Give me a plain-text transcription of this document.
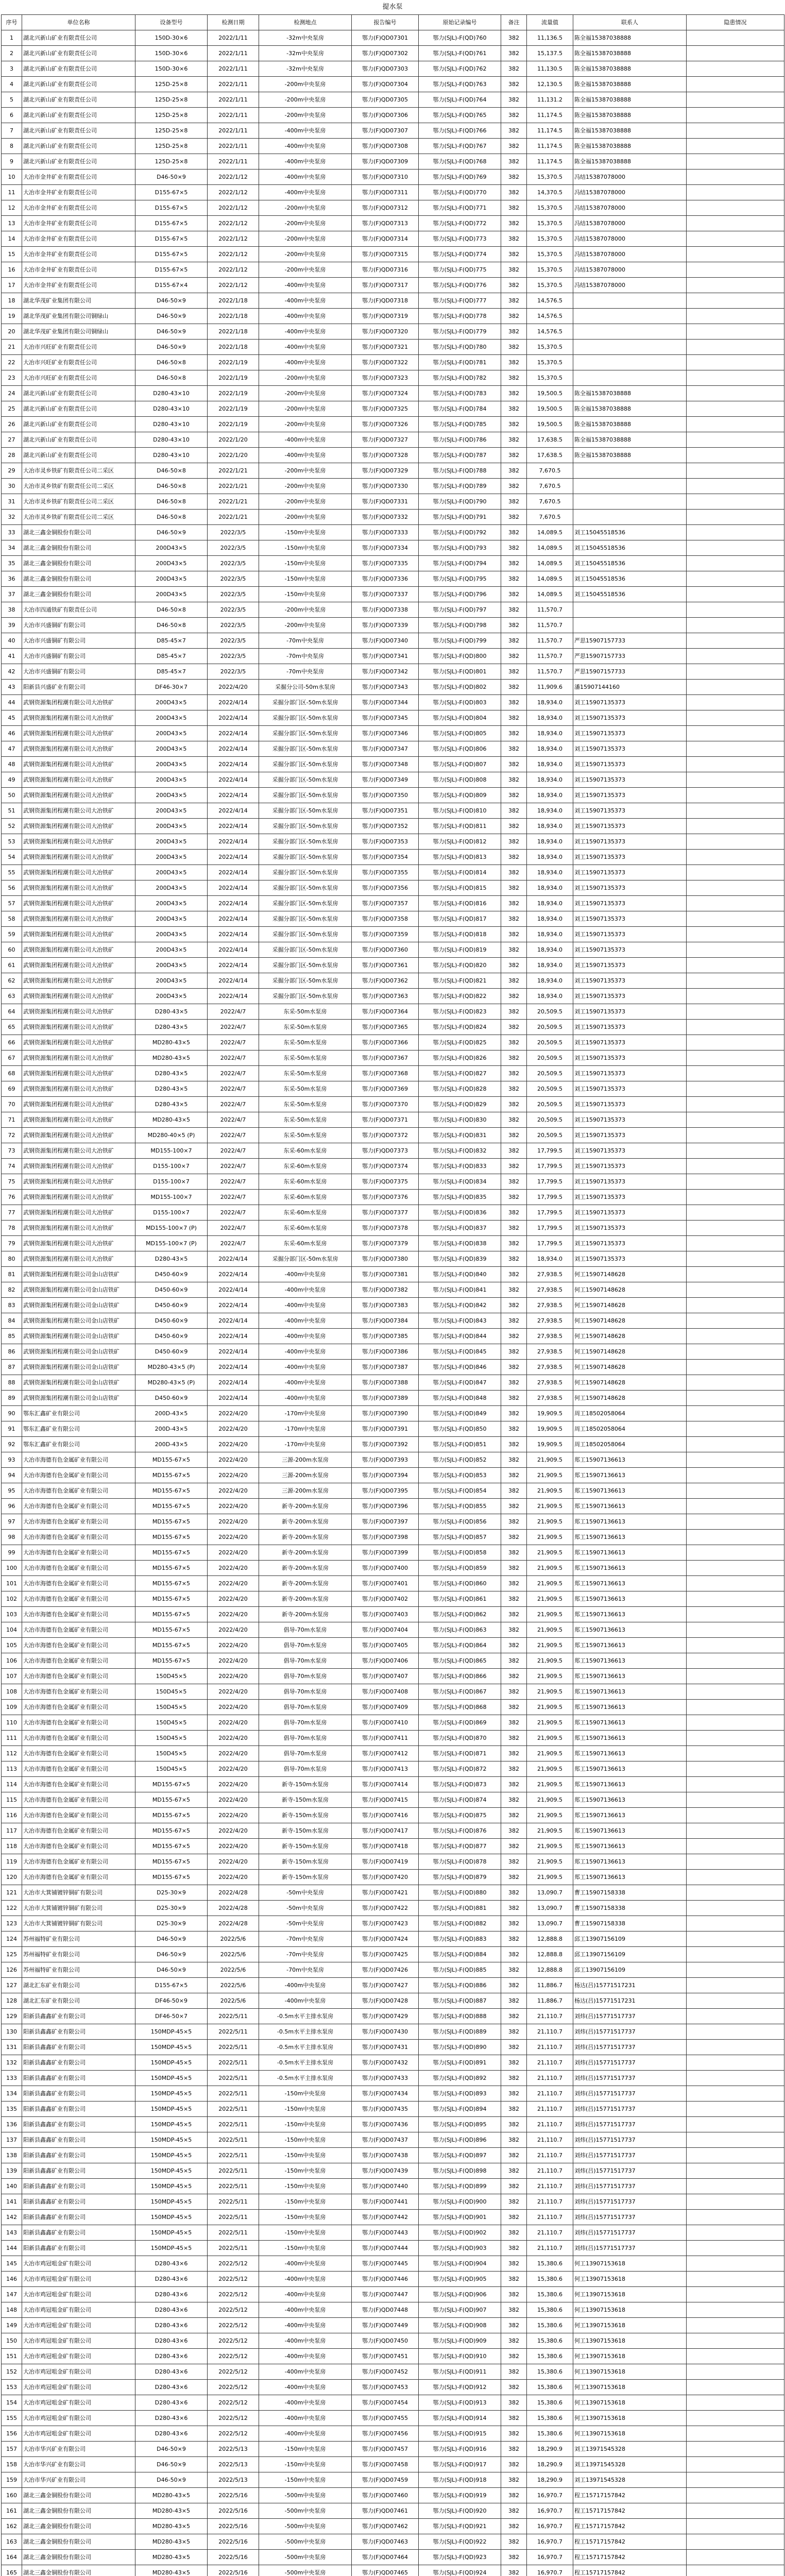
提水泵
序号	单位名称	设备型号	检测日期	检测地点	报告编号	原始记录编号	备注	流量值	联系人	隐患情况
1	湖北兴新山矿业有限责任公司	150D-30×6	2022/1/11	-32m中央泵房	鄂力(F)QD07301	鄂力(SJL)-F(QD)760	382	11,136.5	陈全福15387038888	
2	湖北兴新山矿业有限责任公司	150D-30×6	2022/1/11	-32m中央泵房	鄂力(F)QD07302	鄂力(SJL)-F(QD)761	382	15,137.5	陈全福15387038888	
3	湖北兴新山矿业有限责任公司	150D-30×6	2022/1/11	-32m中央泵房	鄂力(F)QD07303	鄂力(SJL)-F(QD)762	382	11,130.5	陈全福15387038888	
4	湖北兴新山矿业有限责任公司	125D-25×8	2022/1/11	-200m中央泵房	鄂力(F)QD07304	鄂力(SJL)-F(QD)763	382	12,130.5	陈全福15387038888	
5	湖北兴新山矿业有限责任公司	125D-25×8	2022/1/11	-200m中央泵房	鄂力(F)QD07305	鄂力(SJL)-F(QD)764	382	11,131.2	陈全福15387038888	
6	湖北兴新山矿业有限责任公司	125D-25×8	2022/1/11	-200m中央泵房	鄂力(F)QD07306	鄂力(SJL)-F(QD)765	382	11,174.5	陈全福15387038888	
7	湖北兴新山矿业有限责任公司	125D-25×8	2022/1/11	-400m中央泵房	鄂力(F)QD07307	鄂力(SJL)-F(QD)766	382	11,174.5	陈全福15387038888	
8	湖北兴新山矿业有限责任公司	125D-25×8	2022/1/11	-400m中央泵房	鄂力(F)QD07308	鄂力(SJL)-F(QD)767	382	11,174.5	陈全福15387038888	
9	湖北兴新山矿业有限责任公司	125D-25×8	2022/1/11	-400m中央泵房	鄂力(F)QD07309	鄂力(SJL)-F(QD)768	382	11,174.5	陈全福15387038888	
10	大冶市金井矿业有限责任公司	D46-50×9	2022/1/12	-400m中央泵房	鄂力(F)QD07310	鄂力(SJL)-F(QD)769	382	15,370.5	冯结15387078000	
11	大冶市金井矿业有限责任公司	D155-67×5	2022/1/12	-400m中央泵房	鄂力(F)QD07311	鄂力(SJL)-F(QD)770	382	14,370.5	冯结15387078000	
12	大冶市金井矿业有限责任公司	D155-67×5	2022/1/12	-200m中央泵房	鄂力(F)QD07312	鄂力(SJL)-F(QD)771	382	15,370.5	冯结15387078000	
13	大冶市金井矿业有限责任公司	D155-67×5	2022/1/12	-200m中央泵房	鄂力(F)QD07313	鄂力(SJL)-F(QD)772	382	15,370.5	冯结15387078000	
14	大冶市金井矿业有限责任公司	D155-67×5	2022/1/12	-200m中央泵房	鄂力(F)QD07314	鄂力(SJL)-F(QD)773	382	15,370.5	冯结15387078000	
15	大冶市金井矿业有限责任公司	D155-67×5	2022/1/12	-200m中央泵房	鄂力(F)QD07315	鄂力(SJL)-F(QD)774	382	15,370.5	冯结15387078000	
16	大冶市金井矿业有限责任公司	D155-67×5	2022/1/12	-200m中央泵房	鄂力(F)QD07316	鄂力(SJL)-F(QD)775	382	15,370.5	冯结15387078000	
17	大冶市金井矿业有限责任公司	D155-67×4	2022/1/12	-400m中央泵房	鄂力(F)QD07317	鄂力(SJL)-F(QD)776	382	15,370.5	冯结15387078000	
18	湖北华茂矿业集团有限公司	D46-50×9	2022/1/18	-400m中央泵房	鄂力(F)QD07318	鄂力(SJL)-F(QD)777	382	14,576.5		
19	湖北华茂矿业集团有限公司铜绿山	D46-50×9	2022/1/18	-400m中央泵房	鄂力(F)QD07319	鄂力(SJL)-F(QD)778	382	14,576.5		
20	湖北华茂矿业集团有限公司铜绿山	D46-50×9	2022/1/18	-400m中央泵房	鄂力(F)QD07320	鄂力(SJL)-F(QD)779	382	14,576.5		
21	大冶市兴旺矿业有限责任公司	D46-50×9	2022/1/18	-400m中央泵房	鄂力(F)QD07321	鄂力(SJL)-F(QD)780	382	15,370.5		
22	大冶市兴旺矿业有限责任公司	D46-50×8	2022/1/19	-400m中央泵房	鄂力(F)QD07322	鄂力(SJL)-F(QD)781	382	15,370.5		
23	大冶市兴旺矿业有限责任公司	D46-50×8	2022/1/19	-200m中央泵房	鄂力(F)QD07323	鄂力(SJL)-F(QD)782	382	15,370.5		
24	湖北兴新山矿业有限责任公司	D280-43×10	2022/1/19	-200m中央泵房	鄂力(F)QD07324	鄂力(SJL)-F(QD)783	382	19,500.5	陈全福15387038888	
25	湖北兴新山矿业有限责任公司	D280-43×10	2022/1/19	-200m中央泵房	鄂力(F)QD07325	鄂力(SJL)-F(QD)784	382	19,500.5	陈全福15387038888	
26	湖北兴新山矿业有限责任公司	D280-43×10	2022/1/19	-200m中央泵房	鄂力(F)QD07326	鄂力(SJL)-F(QD)785	382	19,500.5	陈全福15387038888	
27	湖北兴新山矿业有限责任公司	D280-43×10	2022/1/20	-400m中央泵房	鄂力(F)QD07327	鄂力(SJL)-F(QD)786	382	17,638.5	陈全福15387038888	
28	湖北兴新山矿业有限责任公司	D280-43×10	2022/1/20	-400m中央泵房	鄂力(F)QD07328	鄂力(SJL)-F(QD)787	382	17,638.5	陈全福15387038888	
29	大冶市灵乡铁矿有限责任公司二采区	D46-50×8	2022/1/21	-200m中央泵房	鄂力(F)QD07329	鄂力(SJL)-F(QD)788	382	7,670.5		
30	大冶市灵乡铁矿有限责任公司二采区	D46-50×8	2022/1/21	-200m中央泵房	鄂力(F)QD07330	鄂力(SJL)-F(QD)789	382	7,670.5		
31	大冶市灵乡铁矿有限责任公司二采区	D46-50×8	2022/1/21	-200m中央泵房	鄂力(F)QD07331	鄂力(SJL)-F(QD)790	382	7,670.5		
32	大冶市灵乡铁矿有限责任公司二采区	D46-50×8	2022/1/21	-200m中央泵房	鄂力(F)QD07332	鄂力(SJL)-F(QD)791	382	7,670.5		
33	湖北三鑫金铜股份有限公司	D46-50×9	2022/3/5	-150m中央泵房	鄂力(F)QD07333	鄂力(SJL)-F(QD)792	382	14,089.5	刘工15045518536	
34	湖北三鑫金铜股份有限公司	200D43×5	2022/3/5	-150m中央泵房	鄂力(F)QD07334	鄂力(SJL)-F(QD)793	382	14,089.5	刘工15045518536	
35	湖北三鑫金铜股份有限公司	200D43×5	2022/3/5	-150m中央泵房	鄂力(F)QD07335	鄂力(SJL)-F(QD)794	382	14,089.5	刘工15045518536	
36	湖北三鑫金铜股份有限公司	200D43×5	2022/3/5	-150m中央泵房	鄂力(F)QD07336	鄂力(SJL)-F(QD)795	382	14,089.5	刘工15045518536	
37	湖北三鑫金铜股份有限公司	200D43×5	2022/3/5	-150m中央泵房	鄂力(F)QD07337	鄂力(SJL)-F(QD)796	382	14,089.5	刘工15045518536	
38	大冶市四通铁矿有限责任公司	D46-50×8	2022/3/5	-200m中央泵房	鄂力(F)QD07338	鄂力(SJL)-F(QD)797	382	11,570.7		
39	大冶市兴盛铜矿有限公司	D46-50×8	2022/3/5	-200m中央泵房	鄂力(F)QD07339	鄂力(SJL)-F(QD)798	382	11,570.7		
40	大冶市兴盛铜矿有限公司	D85-45×7	2022/3/5	-70m中央泵房	鄂力(F)QD07340	鄂力(SJL)-F(QD)799	382	11,570.7	严思15907157733	
41	大冶市兴盛铜矿有限公司	D85-45×7	2022/3/5	-70m中央泵房	鄂力(F)QD07341	鄂力(SJL)-F(QD)800	382	11,570.7	严思15907157733	
42	大冶市兴盛铜矿有限公司	D85-45×7	2022/3/5	-70m中央泵房	鄂力(F)QD07342	鄂力(SJL)-F(QD)801	382	11,570.7	严思15907157733	
43	阳新县兴盛矿业有限公司	DF46-30×7	2022/4/20	采掘分公司-50m水泵房	鄂力(F)QD07343	鄂力(SJL)-F(QD)802	382	11,909.6	潘15907144160	
44	武钢资源集团程潮有限公司大冶铁矿	200D43×5	2022/4/14	采掘分部门区-50m水泵房	鄂力(F)QD07344	鄂力(SJL)-F(QD)803	382	18,934.0	刘工15907135373	
45	武钢资源集团程潮有限公司大冶铁矿	200D43×5	2022/4/14	采掘分部门区-50m水泵房	鄂力(F)QD07345	鄂力(SJL)-F(QD)804	382	18,934.0	刘工15907135373	
46	武钢资源集团程潮有限公司大冶铁矿	200D43×5	2022/4/14	采掘分部门区-50m水泵房	鄂力(F)QD07346	鄂力(SJL)-F(QD)805	382	18,934.0	刘工15907135373	
47	武钢资源集团程潮有限公司大冶铁矿	200D43×5	2022/4/14	采掘分部门区-50m水泵房	鄂力(F)QD07347	鄂力(SJL)-F(QD)806	382	18,934.0	刘工15907135373	
48	武钢资源集团程潮有限公司大冶铁矿	200D43×5	2022/4/14	采掘分部门区-50m水泵房	鄂力(F)QD07348	鄂力(SJL)-F(QD)807	382	18,934.0	刘工15907135373	
49	武钢资源集团程潮有限公司大冶铁矿	200D43×5	2022/4/14	采掘分部门区-50m水泵房	鄂力(F)QD07349	鄂力(SJL)-F(QD)808	382	18,934.0	刘工15907135373	
50	武钢资源集团程潮有限公司大冶铁矿	200D43×5	2022/4/14	采掘分部门区-50m水泵房	鄂力(F)QD07350	鄂力(SJL)-F(QD)809	382	18,934.0	刘工15907135373	
51	武钢资源集团程潮有限公司大冶铁矿	200D43×5	2022/4/14	采掘分部门区-50m水泵房	鄂力(F)QD07351	鄂力(SJL)-F(QD)810	382	18,934.0	刘工15907135373	
52	武钢资源集团程潮有限公司大冶铁矿	200D43×5	2022/4/14	采掘分部门区-50m水泵房	鄂力(F)QD07352	鄂力(SJL)-F(QD)811	382	18,934.0	刘工15907135373	
53	武钢资源集团程潮有限公司大冶铁矿	200D43×5	2022/4/14	采掘分部门区-50m水泵房	鄂力(F)QD07353	鄂力(SJL)-F(QD)812	382	18,934.0	刘工15907135373	
54	武钢资源集团程潮有限公司大冶铁矿	200D43×5	2022/4/14	采掘分部门区-50m水泵房	鄂力(F)QD07354	鄂力(SJL)-F(QD)813	382	18,934.0	刘工15907135373	
55	武钢资源集团程潮有限公司大冶铁矿	200D43×5	2022/4/14	采掘分部门区-50m水泵房	鄂力(F)QD07355	鄂力(SJL)-F(QD)814	382	18,934.0	刘工15907135373	
56	武钢资源集团程潮有限公司大冶铁矿	200D43×5	2022/4/14	采掘分部门区-50m水泵房	鄂力(F)QD07356	鄂力(SJL)-F(QD)815	382	18,934.0	刘工15907135373	
57	武钢资源集团程潮有限公司大冶铁矿	200D43×5	2022/4/14	采掘分部门区-50m水泵房	鄂力(F)QD07357	鄂力(SJL)-F(QD)816	382	18,934.0	刘工15907135373	
58	武钢资源集团程潮有限公司大冶铁矿	200D43×5	2022/4/14	采掘分部门区-50m水泵房	鄂力(F)QD07358	鄂力(SJL)-F(QD)817	382	18,934.0	刘工15907135373	
59	武钢资源集团程潮有限公司大冶铁矿	200D43×5	2022/4/14	采掘分部门区-50m水泵房	鄂力(F)QD07359	鄂力(SJL)-F(QD)818	382	18,934.0	刘工15907135373	
60	武钢资源集团程潮有限公司大冶铁矿	200D43×5	2022/4/14	采掘分部门区-50m水泵房	鄂力(F)QD07360	鄂力(SJL)-F(QD)819	382	18,934.0	刘工15907135373	
61	武钢资源集团程潮有限公司大冶铁矿	200D43×5	2022/4/14	采掘分部门区-50m水泵房	鄂力(F)QD07361	鄂力(SJL)-F(QD)820	382	18,934.0	刘工15907135373	
62	武钢资源集团程潮有限公司大冶铁矿	200D43×5	2022/4/14	采掘分部门区-50m水泵房	鄂力(F)QD07362	鄂力(SJL)-F(QD)821	382	18,934.0	刘工15907135373	
63	武钢资源集团程潮有限公司大冶铁矿	200D43×5	2022/4/14	采掘分部门区-50m水泵房	鄂力(F)QD07363	鄂力(SJL)-F(QD)822	382	18,934.0	刘工15907135373	
64	武钢资源集团程潮有限公司大冶铁矿	D280-43×5	2022/4/7	东采-50m水泵房	鄂力(F)QD07364	鄂力(SJL)-F(QD)823	382	20,509.5	刘工15907135373	
65	武钢资源集团程潮有限公司大冶铁矿	D280-43×5	2022/4/7	东采-50m水泵房	鄂力(F)QD07365	鄂力(SJL)-F(QD)824	382	20,509.5	刘工15907135373	
66	武钢资源集团程潮有限公司大冶铁矿	MD280-43×5	2022/4/7	东采-50m水泵房	鄂力(F)QD07366	鄂力(SJL)-F(QD)825	382	20,509.5	刘工15907135373	
67	武钢资源集团程潮有限公司大冶铁矿	MD280-43×5	2022/4/7	东采-50m水泵房	鄂力(F)QD07367	鄂力(SJL)-F(QD)826	382	20,509.5	刘工15907135373	
68	武钢资源集团程潮有限公司大冶铁矿	D280-43×5	2022/4/7	东采-50m水泵房	鄂力(F)QD07368	鄂力(SJL)-F(QD)827	382	20,509.5	刘工15907135373	
69	武钢资源集团程潮有限公司大冶铁矿	D280-43×5	2022/4/7	东采-50m水泵房	鄂力(F)QD07369	鄂力(SJL)-F(QD)828	382	20,509.5	刘工15907135373	
70	武钢资源集团程潮有限公司大冶铁矿	D280-43×5	2022/4/7	东采-50m水泵房	鄂力(F)QD07370	鄂力(SJL)-F(QD)829	382	20,509.5	刘工15907135373	
71	武钢资源集团程潮有限公司大冶铁矿	MD280-43×5	2022/4/7	东采-50m水泵房	鄂力(F)QD07371	鄂力(SJL)-F(QD)830	382	20,509.5	刘工15907135373	
72	武钢资源集团程潮有限公司大冶铁矿	MD280-40×5 (P)	2022/4/7	东采-50m水泵房	鄂力(F)QD07372	鄂力(SJL)-F(QD)831	382	20,509.5	刘工15907135373	
73	武钢资源集团程潮有限公司大冶铁矿	MD155-100×7	2022/4/7	东采-60m水泵房	鄂力(F)QD07373	鄂力(SJL)-F(QD)832	382	17,799.5	刘工15907135373	
74	武钢资源集团程潮有限公司大冶铁矿	D155-100×7	2022/4/7	东采-60m水泵房	鄂力(F)QD07374	鄂力(SJL)-F(QD)833	382	17,799.5	刘工15907135373	
75	武钢资源集团程潮有限公司大冶铁矿	D155-100×7	2022/4/7	东采-60m水泵房	鄂力(F)QD07375	鄂力(SJL)-F(QD)834	382	17,799.5	刘工15907135373	
76	武钢资源集团程潮有限公司大冶铁矿	MD155-100×7	2022/4/7	东采-60m水泵房	鄂力(F)QD07376	鄂力(SJL)-F(QD)835	382	17,799.5	刘工15907135373	
77	武钢资源集团程潮有限公司大冶铁矿	D155-100×7	2022/4/7	东采-60m水泵房	鄂力(F)QD07377	鄂力(SJL)-F(QD)836	382	17,799.5	刘工15907135373	
78	武钢资源集团程潮有限公司大冶铁矿	MD155-100×7 (P)	2022/4/7	东采-60m水泵房	鄂力(F)QD07378	鄂力(SJL)-F(QD)837	382	17,799.5	刘工15907135373	
79	武钢资源集团程潮有限公司大冶铁矿	MD155-100×7 (P)	2022/4/7	东采-60m水泵房	鄂力(F)QD07379	鄂力(SJL)-F(QD)838	382	17,799.5	刘工15907135373	
80	武钢资源集团程潮有限公司大冶铁矿	D280-43×5	2022/4/14	采掘分部门区-50m水泵房	鄂力(F)QD07380	鄂力(SJL)-F(QD)839	382	18,934.0	刘工15907135373	
81	武钢资源集团程潮有限公司金山店铁矿	D450-60×9	2022/4/14	-400m中央泵房	鄂力(F)QD07381	鄂力(SJL)-F(QD)840	382	27,938.5	何工15907148628	
82	武钢资源集团程潮有限公司金山店铁矿	D450-60×9	2022/4/14	-400m中央泵房	鄂力(F)QD07382	鄂力(SJL)-F(QD)841	382	27,938.5	何工15907148628	
83	武钢资源集团程潮有限公司金山店铁矿	D450-60×9	2022/4/14	-400m中央泵房	鄂力(F)QD07383	鄂力(SJL)-F(QD)842	382	27,938.5	何工15907148628	
84	武钢资源集团程潮有限公司金山店铁矿	D450-60×9	2022/4/14	-400m中央泵房	鄂力(F)QD07384	鄂力(SJL)-F(QD)843	382	27,938.5	何工15907148628	
85	武钢资源集团程潮有限公司金山店铁矿	D450-60×9	2022/4/14	-400m中央泵房	鄂力(F)QD07385	鄂力(SJL)-F(QD)844	382	27,938.5	何工15907148628	
86	武钢资源集团程潮有限公司金山店铁矿	D450-60×9	2022/4/14	-400m中央泵房	鄂力(F)QD07386	鄂力(SJL)-F(QD)845	382	27,938.5	何工15907148628	
87	武钢资源集团程潮有限公司金山店铁矿	MD280-43×5 (P)	2022/4/14	-400m中央泵房	鄂力(F)QD07387	鄂力(SJL)-F(QD)846	382	27,938.5	何工15907148628	
88	武钢资源集团程潮有限公司金山店铁矿	MD280-43×5 (P)	2022/4/14	-400m中央泵房	鄂力(F)QD07388	鄂力(SJL)-F(QD)847	382	27,938.5	何工15907148628	
89	武钢资源集团程潮有限公司金山店铁矿	D450-60×9	2022/4/14	-400m中央泵房	鄂力(F)QD07389	鄂力(SJL)-F(QD)848	382	27,938.5	何工15907148628	
90	鄂东汇鑫矿业有限公司	200D-43×5	2022/4/20	-170m中央泵房	鄂力(F)QD07390	鄂力(SJL)-F(QD)849	382	19,909.5	周工18502058064	
91	鄂东汇鑫矿业有限公司	200D-43×5	2022/4/20	-170m中央泵房	鄂力(F)QD07391	鄂力(SJL)-F(QD)850	382	19,909.5	周工18502058064	
92	鄂东汇鑫矿业有限公司	200D-43×5	2022/4/20	-170m中央泵房	鄂力(F)QD07392	鄂力(SJL)-F(QD)851	382	19,909.5	周工18502058064	
93	大冶市海德有色金属矿业有限公司	MD155-67×5	2022/4/20	三源-200m水泵房	鄂力(F)QD07393	鄂力(SJL)-F(QD)852	382	21,909.5	郑工15907136613	
94	大冶市海德有色金属矿业有限公司	MD155-67×5	2022/4/20	三源-200m水泵房	鄂力(F)QD07394	鄂力(SJL)-F(QD)853	382	21,909.5	郑工15907136613	
95	大冶市海德有色金属矿业有限公司	MD155-67×5	2022/4/20	三源-200m水泵房	鄂力(F)QD07395	鄂力(SJL)-F(QD)854	382	21,909.5	郑工15907136613	
96	大冶市海德有色金属矿业有限公司	MD155-67×5	2022/4/20	新寺-200m水泵房	鄂力(F)QD07396	鄂力(SJL)-F(QD)855	382	21,909.5	郑工15907136613	
97	大冶市海德有色金属矿业有限公司	MD155-67×5	2022/4/20	新寺-200m水泵房	鄂力(F)QD07397	鄂力(SJL)-F(QD)856	382	21,909.5	郑工15907136613	
98	大冶市海德有色金属矿业有限公司	MD155-67×5	2022/4/20	新寺-200m水泵房	鄂力(F)QD07398	鄂力(SJL)-F(QD)857	382	21,909.5	郑工15907136613	
99	大冶市海德有色金属矿业有限公司	MD155-67×5	2022/4/20	新寺-200m水泵房	鄂力(F)QD07399	鄂力(SJL)-F(QD)858	382	21,909.5	郑工15907136613	
100	大冶市海德有色金属矿业有限公司	MD155-67×5	2022/4/20	新寺-200m水泵房	鄂力(F)QD07400	鄂力(SJL)-F(QD)859	382	21,909.5	郑工15907136613	
101	大冶市海德有色金属矿业有限公司	MD155-67×5	2022/4/20	新寺-200m水泵房	鄂力(F)QD07401	鄂力(SJL)-F(QD)860	382	21,909.5	郑工15907136613	
102	大冶市海德有色金属矿业有限公司	MD155-67×5	2022/4/20	新寺-200m水泵房	鄂力(F)QD07402	鄂力(SJL)-F(QD)861	382	21,909.5	郑工15907136613	
103	大冶市海德有色金属矿业有限公司	MD155-67×5	2022/4/20	新寺-200m水泵房	鄂力(F)QD07403	鄂力(SJL)-F(QD)862	382	21,909.5	郑工15907136613	
104	大冶市海德有色金属矿业有限公司	MD155-67×5	2022/4/20	倡导-70m水泵房	鄂力(F)QD07404	鄂力(SJL)-F(QD)863	382	21,909.5	郑工15907136613	
105	大冶市海德有色金属矿业有限公司	MD155-67×5	2022/4/20	倡导-70m水泵房	鄂力(F)QD07405	鄂力(SJL)-F(QD)864	382	21,909.5	郑工15907136613	
106	大冶市海德有色金属矿业有限公司	MD155-67×5	2022/4/20	倡导-70m水泵房	鄂力(F)QD07406	鄂力(SJL)-F(QD)865	382	21,909.5	郑工15907136613	
107	大冶市海德有色金属矿业有限公司	150D45×5	2022/4/20	倡导-70m水泵房	鄂力(F)QD07407	鄂力(SJL)-F(QD)866	382	21,909.5	郑工15907136613	
108	大冶市海德有色金属矿业有限公司	150D45×5	2022/4/20	倡导-70m水泵房	鄂力(F)QD07408	鄂力(SJL)-F(QD)867	382	21,909.5	郑工15907136613	
109	大冶市海德有色金属矿业有限公司	150D45×5	2022/4/20	倡导-70m水泵房	鄂力(F)QD07409	鄂力(SJL)-F(QD)868	382	21,909.5	郑工15907136613	
110	大冶市海德有色金属矿业有限公司	150D45×5	2022/4/20	倡导-70m水泵房	鄂力(F)QD07410	鄂力(SJL)-F(QD)869	382	21,909.5	郑工15907136613	
111	大冶市海德有色金属矿业有限公司	150D45×5	2022/4/20	倡导-70m水泵房	鄂力(F)QD07411	鄂力(SJL)-F(QD)870	382	21,909.5	郑工15907136613	
112	大冶市海德有色金属矿业有限公司	150D45×5	2022/4/20	倡导-70m水泵房	鄂力(F)QD07412	鄂力(SJL)-F(QD)871	382	21,909.5	郑工15907136613	
113	大冶市海德有色金属矿业有限公司	150D45×5	2022/4/20	倡导-70m水泵房	鄂力(F)QD07413	鄂力(SJL)-F(QD)872	382	21,909.5	郑工15907136613	
114	大冶市海德有色金属矿业有限公司	MD155-67×5	2022/4/20	新寺-150m水泵房	鄂力(F)QD07414	鄂力(SJL)-F(QD)873	382	21,909.5	郑工15907136613	
115	大冶市海德有色金属矿业有限公司	MD155-67×5	2022/4/20	新寺-150m水泵房	鄂力(F)QD07415	鄂力(SJL)-F(QD)874	382	21,909.5	郑工15907136613	
116	大冶市海德有色金属矿业有限公司	MD155-67×5	2022/4/20	新寺-150m水泵房	鄂力(F)QD07416	鄂力(SJL)-F(QD)875	382	21,909.5	郑工15907136613	
117	大冶市海德有色金属矿业有限公司	MD155-67×5	2022/4/20	新寺-150m水泵房	鄂力(F)QD07417	鄂力(SJL)-F(QD)876	382	21,909.5	郑工15907136613	
118	大冶市海德有色金属矿业有限公司	MD155-67×5	2022/4/20	新寺-150m水泵房	鄂力(F)QD07418	鄂力(SJL)-F(QD)877	382	21,909.5	郑工15907136613	
119	大冶市海德有色金属矿业有限公司	MD155-67×5	2022/4/20	新寺-150m水泵房	鄂力(F)QD07419	鄂力(SJL)-F(QD)878	382	21,909.5	郑工15907136613	
120	大冶市海德有色金属矿业有限公司	MD155-67×5	2022/4/20	新寺-150m水泵房	鄂力(F)QD07420	鄂力(SJL)-F(QD)879	382	21,909.5	郑工15907136613	
121	大冶市大箕铺镀锌铜矿有限公司	D25-30×9	2022/4/28	-50m中央泵房	鄂力(F)QD07421	鄂力(SJL)-F(QD)880	382	13,090.7	曹工15907158338	
122	大冶市大箕铺镀锌铜矿有限公司	D25-30×9	2022/4/28	-50m中央泵房	鄂力(F)QD07422	鄂力(SJL)-F(QD)881	382	13,090.7	曹工15907158338	
123	大冶市大箕铺镀锌铜矿有限公司	D25-30×9	2022/4/28	-50m中央泵房	鄂力(F)QD07423	鄂力(SJL)-F(QD)882	382	13,090.7	曹工15907158338	
124	苏州福特矿业有限公司	D46-50×9	2022/5/6	-70m中央泵房	鄂力(F)QD07424	鄂力(SJL)-F(QD)883	382	12,888.8	邱工13907156109	
125	苏州福特矿业有限公司	D46-50×9	2022/5/6	-70m中央泵房	鄂力(F)QD07425	鄂力(SJL)-F(QD)884	382	12,888.8	邱工13907156109	
126	苏州福特矿业有限公司	D46-50×9	2022/5/6	-70m中央泵房	鄂力(F)QD07426	鄂力(SJL)-F(QD)885	382	12,888.8	邱工13907156109	
127	湖北汇东矿业有限公司	D155-67×5	2022/5/6	-400m中央泵房	鄂力(F)QD07427	鄂力(SJL)-F(QD)886	382	11,886.7	杨达(吕)15771517231	
128	湖北汇东矿业有限公司	DF46-50×9	2022/5/6	-400m中央泵房	鄂力(F)QD07428	鄂力(SJL)-F(QD)887	382	11,886.7	杨达(吕)15771517231	
129	阳新县鑫鑫矿业有限公司	DF46-50×7	2022/5/11	-0.5m水平主排水泵房	鄂力(F)QD07429	鄂力(SJL)-F(QD)888	382	21,110.7	刘炜(吕)15771517737	
130	阳新县鑫鑫矿业有限公司	150MDP-45×5	2022/5/11	-0.5m水平主排水泵房	鄂力(F)QD07430	鄂力(SJL)-F(QD)889	382	21,110.7	刘炜(吕)15771517737	
131	阳新县鑫鑫矿业有限公司	150MDP-45×5	2022/5/11	-0.5m水平主排水泵房	鄂力(F)QD07431	鄂力(SJL)-F(QD)890	382	21,110.7	刘炜(吕)15771517737	
132	阳新县鑫鑫矿业有限公司	150MDP-45×5	2022/5/11	-0.5m水平主排水泵房	鄂力(F)QD07432	鄂力(SJL)-F(QD)891	382	21,110.7	刘炜(吕)15771517737	
133	阳新县鑫鑫矿业有限公司	150MDP-45×5	2022/5/11	-0.5m水平主排水泵房	鄂力(F)QD07433	鄂力(SJL)-F(QD)892	382	21,110.7	刘炜(吕)15771517737	
134	阳新县鑫鑫矿业有限公司	150MDP-45×5	2022/5/11	-150m中央泵房	鄂力(F)QD07434	鄂力(SJL)-F(QD)893	382	21,110.7	刘炜(吕)15771517737	
135	阳新县鑫鑫矿业有限公司	150MDP-45×5	2022/5/11	-150m中央泵房	鄂力(F)QD07435	鄂力(SJL)-F(QD)894	382	21,110.7	刘炜(吕)15771517737	
136	阳新县鑫鑫矿业有限公司	150MDP-45×5	2022/5/11	-150m中央泵房	鄂力(F)QD07436	鄂力(SJL)-F(QD)895	382	21,110.7	刘炜(吕)15771517737	
137	阳新县鑫鑫矿业有限公司	150MDP-45×5	2022/5/11	-150m中央泵房	鄂力(F)QD07437	鄂力(SJL)-F(QD)896	382	21,110.7	刘炜(吕)15771517737	
138	阳新县鑫鑫矿业有限公司	150MDP-45×5	2022/5/11	-150m中央泵房	鄂力(F)QD07438	鄂力(SJL)-F(QD)897	382	21,110.7	刘炜(吕)15771517737	
139	阳新县鑫鑫矿业有限公司	150MDP-45×5	2022/5/11	-150m中央泵房	鄂力(F)QD07439	鄂力(SJL)-F(QD)898	382	21,110.7	刘炜(吕)15771517737	
140	阳新县鑫鑫矿业有限公司	150MDP-45×5	2022/5/11	-150m中央泵房	鄂力(F)QD07440	鄂力(SJL)-F(QD)899	382	21,110.7	刘炜(吕)15771517737	
141	阳新县鑫鑫矿业有限公司	150MDP-45×5	2022/5/11	-150m中央泵房	鄂力(F)QD07441	鄂力(SJL)-F(QD)900	382	21,110.7	刘炜(吕)15771517737	
142	阳新县鑫鑫矿业有限公司	150MDP-45×5	2022/5/11	-150m中央泵房	鄂力(F)QD07442	鄂力(SJL)-F(QD)901	382	21,110.7	刘炜(吕)15771517737	
143	阳新县鑫鑫矿业有限公司	150MDP-45×5	2022/5/11	-150m中央泵房	鄂力(F)QD07443	鄂力(SJL)-F(QD)902	382	21,110.7	刘炜(吕)15771517737	
144	阳新县鑫鑫矿业有限公司	150MDP-45×5	2022/5/11	-150m中央泵房	鄂力(F)QD07444	鄂力(SJL)-F(QD)903	382	21,110.7	刘炜(吕)15771517737	
145	大冶市鸡冠咀金矿有限公司	D280-43×6	2022/5/12	-400m中央泵房	鄂力(F)QD07445	鄂力(SJL)-F(QD)904	382	15,380.6	何工13907153618	
146	大冶市鸡冠咀金矿有限公司	D280-43×6	2022/5/12	-400m中央泵房	鄂力(F)QD07446	鄂力(SJL)-F(QD)905	382	15,380.6	何工13907153618	
147	大冶市鸡冠咀金矿有限公司	D280-43×6	2022/5/12	-400m中央泵房	鄂力(F)QD07447	鄂力(SJL)-F(QD)906	382	15,380.6	何工13907153618	
148	大冶市鸡冠咀金矿有限公司	D280-43×6	2022/5/12	-400m中央泵房	鄂力(F)QD07448	鄂力(SJL)-F(QD)907	382	15,380.6	何工13907153618	
149	大冶市鸡冠咀金矿有限公司	D280-43×6	2022/5/12	-400m中央泵房	鄂力(F)QD07449	鄂力(SJL)-F(QD)908	382	15,380.6	何工13907153618	
150	大冶市鸡冠咀金矿有限公司	D280-43×6	2022/5/12	-400m中央泵房	鄂力(F)QD07450	鄂力(SJL)-F(QD)909	382	15,380.6	何工13907153618	
151	大冶市鸡冠咀金矿有限公司	D280-43×6	2022/5/12	-400m中央泵房	鄂力(F)QD07451	鄂力(SJL)-F(QD)910	382	15,380.6	何工13907153618	
152	大冶市鸡冠咀金矿有限公司	D280-43×6	2022/5/12	-400m中央泵房	鄂力(F)QD07452	鄂力(SJL)-F(QD)911	382	15,380.6	何工13907153618	
153	大冶市鸡冠咀金矿有限公司	D280-43×6	2022/5/12	-400m中央泵房	鄂力(F)QD07453	鄂力(SJL)-F(QD)912	382	15,380.6	何工13907153618	
154	大冶市鸡冠咀金矿有限公司	D280-43×6	2022/5/12	-400m中央泵房	鄂力(F)QD07454	鄂力(SJL)-F(QD)913	382	15,380.6	何工13907153618	
155	大冶市鸡冠咀金矿有限公司	D280-43×6	2022/5/12	-400m中央泵房	鄂力(F)QD07455	鄂力(SJL)-F(QD)914	382	15,380.6	何工13907153618	
156	大冶市鸡冠咀金矿有限公司	D280-43×6	2022/5/12	-400m中央泵房	鄂力(F)QD07456	鄂力(SJL)-F(QD)915	382	15,380.6	何工13907153618	
157	大冶市华兴矿业有限公司	D46-50×9	2022/5/13	-150m中央泵房	鄂力(F)QD07457	鄂力(SJL)-F(QD)916	382	18,290.9	刘工13971545328	
158	大冶市华兴矿业有限公司	D46-50×9	2022/5/13	-150m中央泵房	鄂力(F)QD07458	鄂力(SJL)-F(QD)917	382	18,290.9	刘工13971545328	
159	大冶市华兴矿业有限公司	D46-50×9	2022/5/13	-150m中央泵房	鄂力(F)QD07459	鄂力(SJL)-F(QD)918	382	18,290.9	刘工13971545328	
160	湖北三鑫金铜股份有限公司	MD280-43×5	2022/5/16	-500m中央泵房	鄂力(F)QD07460	鄂力(SJL)-F(QD)919	382	16,970.7	程工15717157842	
161	湖北三鑫金铜股份有限公司	MD280-43×5	2022/5/16	-500m中央泵房	鄂力(F)QD07461	鄂力(SJL)-F(QD)920	382	16,970.7	程工15717157842	
162	湖北三鑫金铜股份有限公司	MD280-43×5	2022/5/16	-500m中央泵房	鄂力(F)QD07462	鄂力(SJL)-F(QD)921	382	16,970.7	程工15717157842	
163	湖北三鑫金铜股份有限公司	MD280-43×5	2022/5/16	-500m中央泵房	鄂力(F)QD07463	鄂力(SJL)-F(QD)922	382	16,970.7	程工15717157842	
164	湖北三鑫金铜股份有限公司	MD280-43×5	2022/5/16	-500m中央泵房	鄂力(F)QD07464	鄂力(SJL)-F(QD)923	382	16,970.7	程工15717157842	
165	湖北三鑫金铜股份有限公司	MD280-43×5	2022/5/16	-500m中央泵房	鄂力(F)QD07465	鄂力(SJL)-F(QD)924	382	16,970.7	程工15717157842	
